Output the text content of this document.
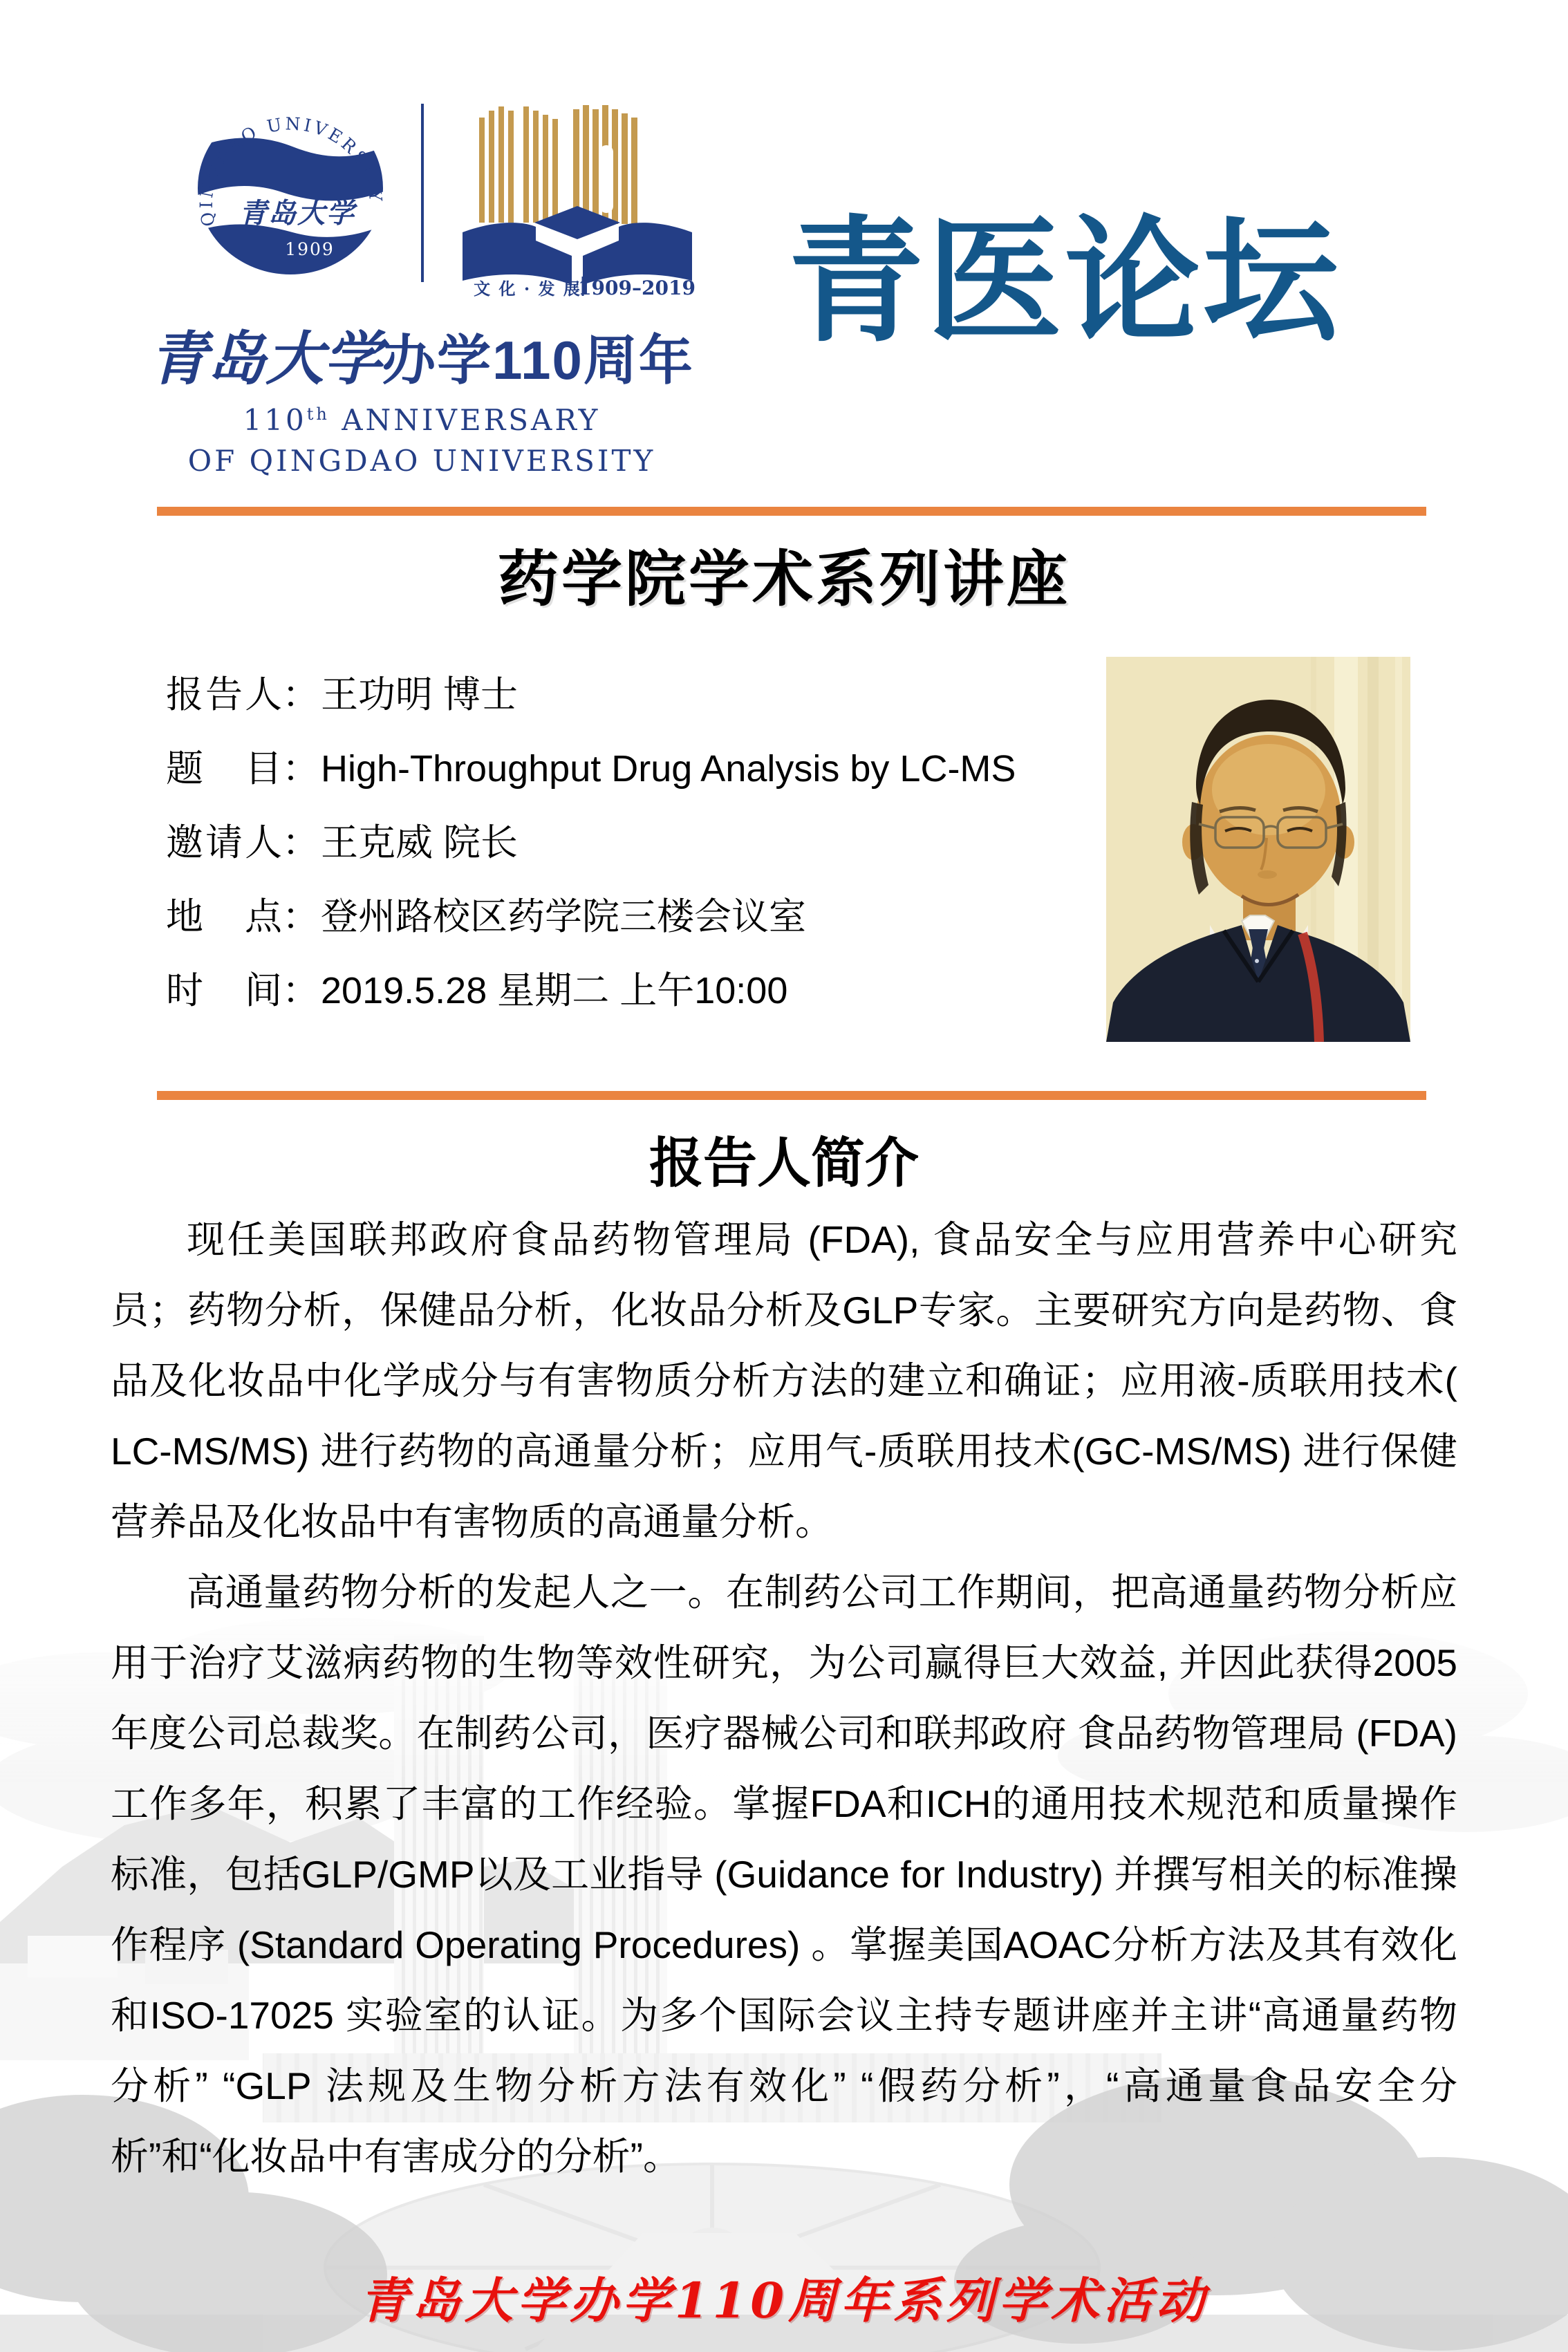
QINGDAO UNIVERSITY
青岛大学
1909
文 化 · 发 展
1909–2019
青岛大学办学110周年
110th ANNIVERSARY
OF QINGDAO UNIVERSITY
青医论坛
药学院学术系列讲座
报告人：王功明 博士
题目：High-Throughput Drug Analysis by LC-MS
邀请人：王克威 院长
地点：登州路校区药学院三楼会议室
时间：2019.5.28 星期二 上午10:00
报告人简介

现任美国联邦政府食品药物管理局 (FDA), 食品安全与应用营养中心研究员；药物分析，保健品分析，化妆品分析及GLP专家。主要研究方向是药物、食品及化妆品中化学成分与有害物质分析方法的建立和确证；应用液-质联用技术( LC-MS/MS) 进行药物的高通量分析；应用气-质联用技术(GC-MS/MS) 进行保健营养品及化妆品中有害物质的高通量分析。

高通量药物分析的发起人之一。在制药公司工作期间，把高通量药物分析应用于治疗艾滋病药物的生物等效性研究，为公司赢得巨大效益, 并因此获得2005年度公司总裁奖。在制药公司，医疗器械公司和联邦政府 食品药物管理局 (FDA) 工作多年，积累了丰富的工作经验。掌握FDA和ICH的通用技术规范和质量操作标准，包括GLP/GMP以及工业指导 (Guidance for Industry) 并撰写相关的标准操作程序 (Standard Operating Procedures) 。掌握美国AOAC分析方法及其有效化和ISO-17025 实验室的认证。为多个国际会议主持专题讲座并主讲“高通量药物分析” “GLP 法规及生物分析方法有效化” “假药分析”，“高通量食品安全分析”和“化妆品中有害成分的分析”。

青岛大学办学110周年系列学术活动
